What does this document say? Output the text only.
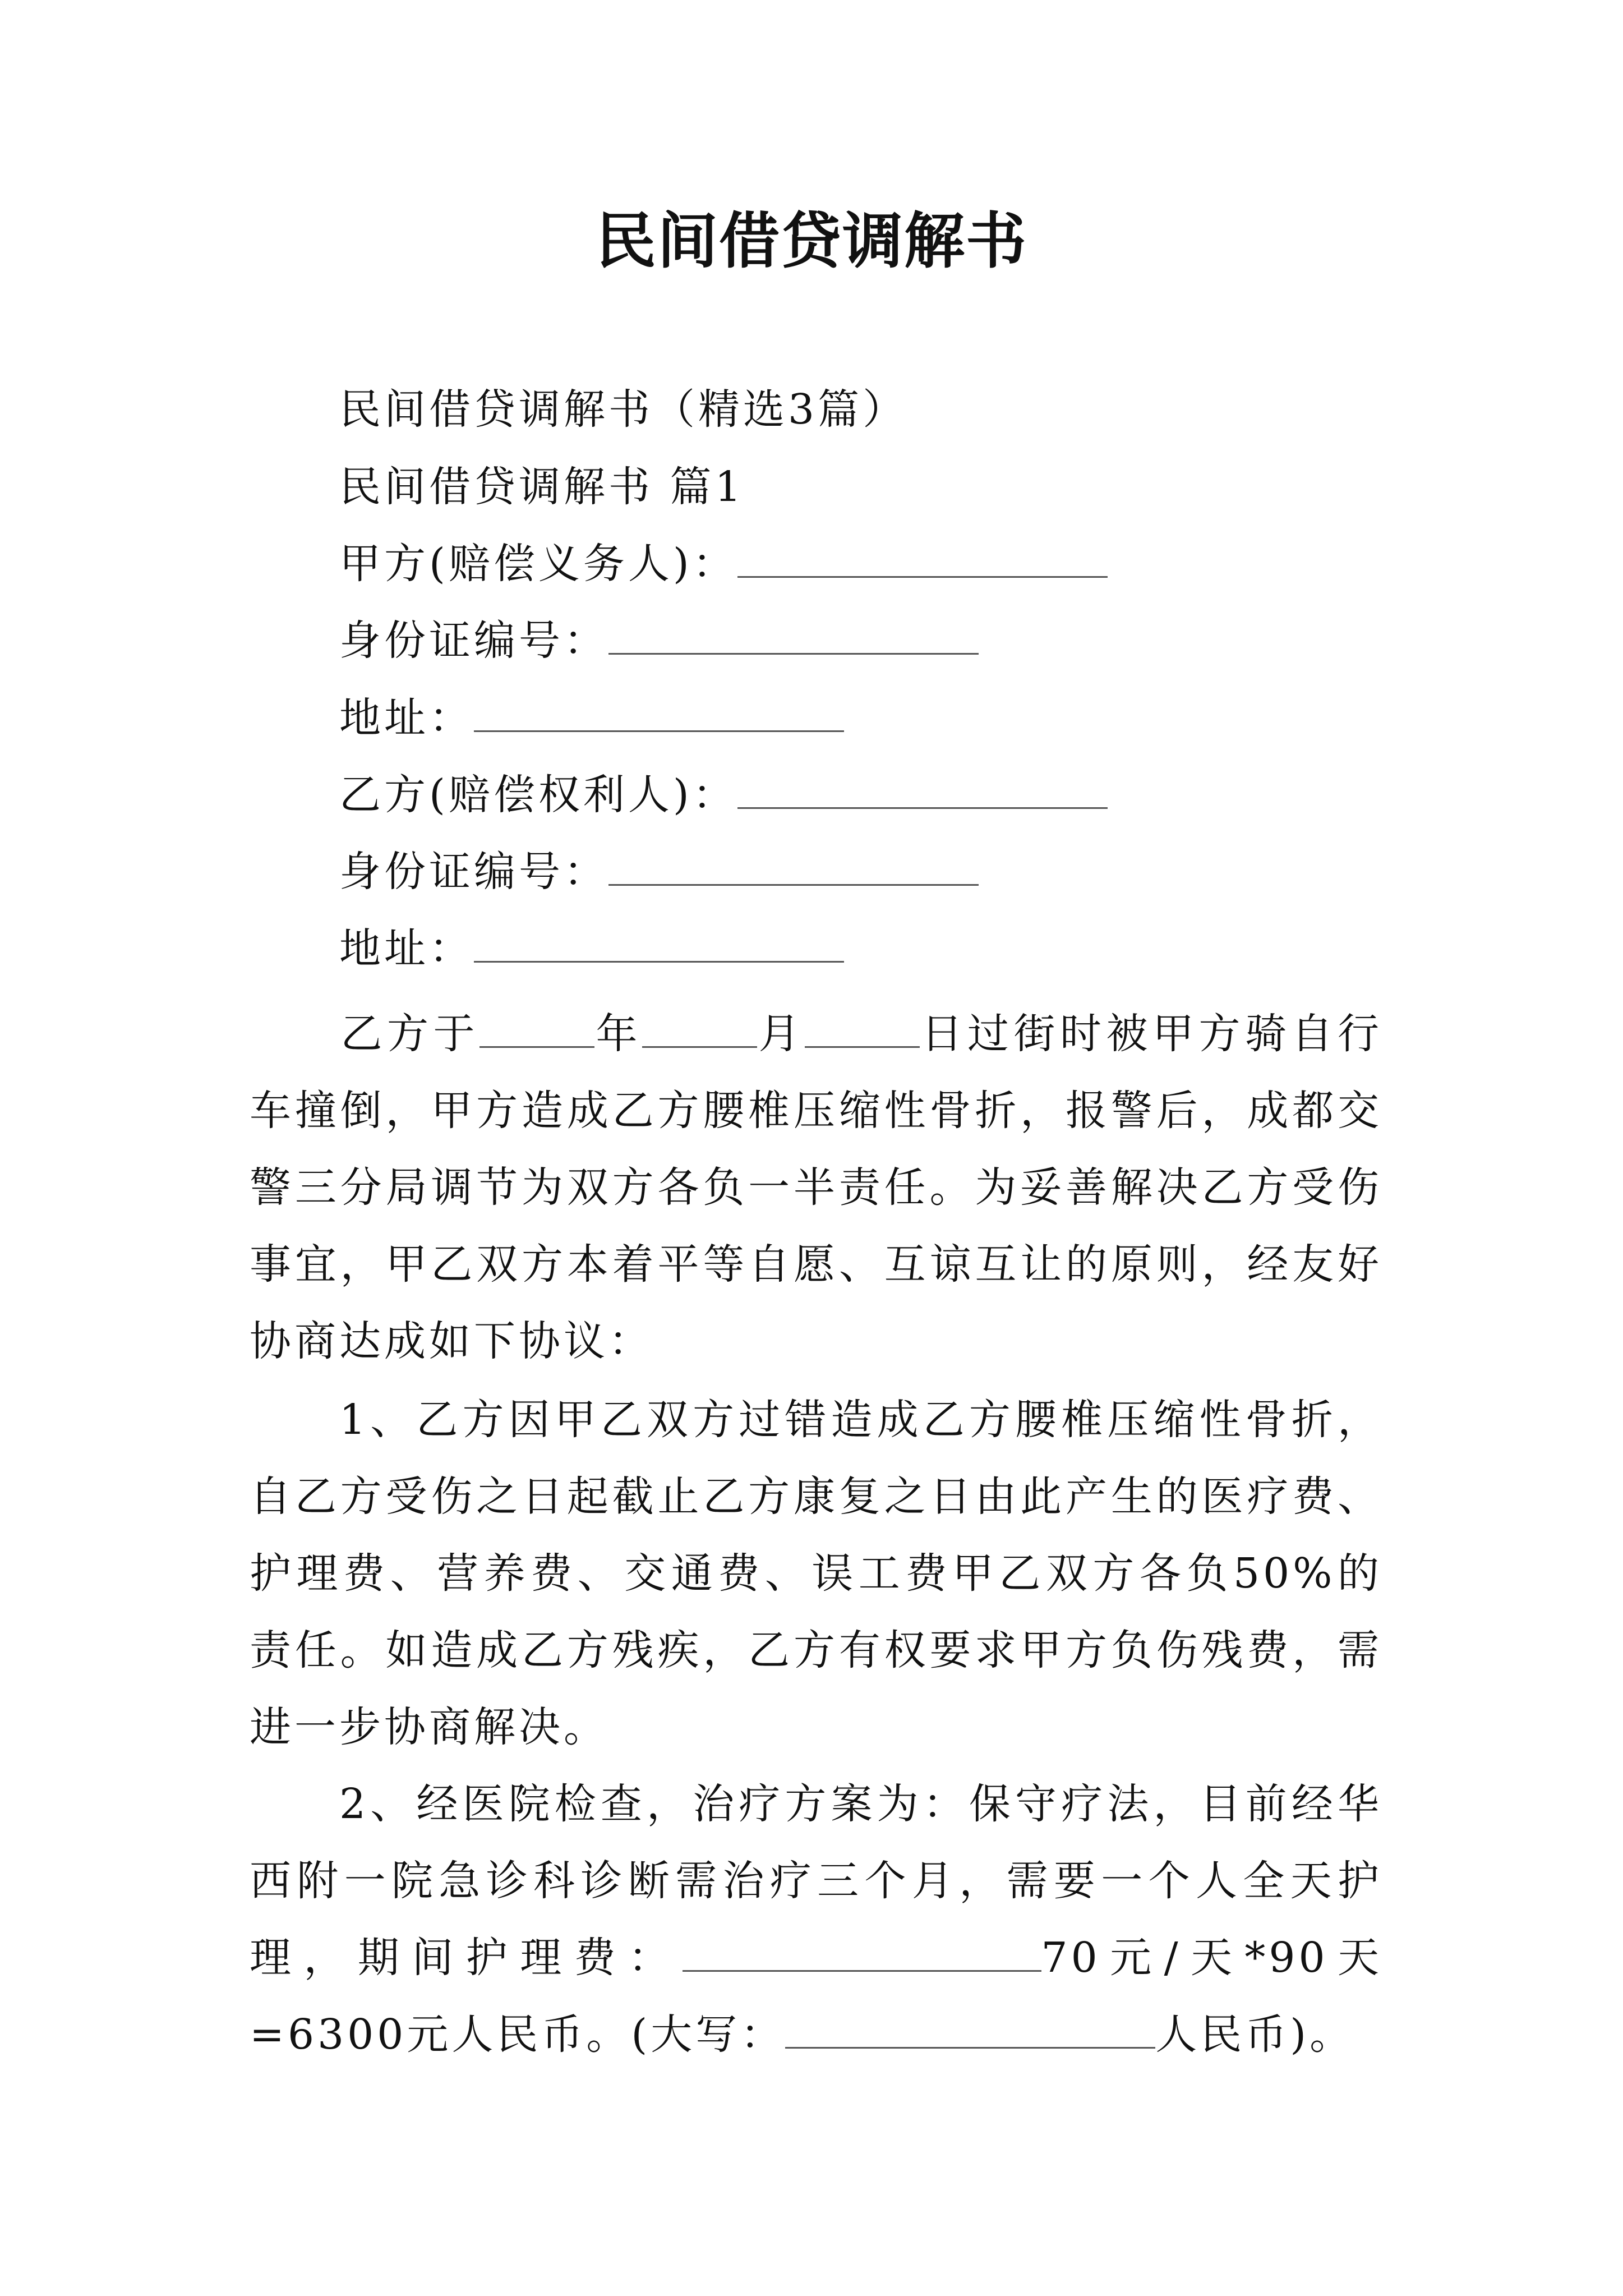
民间借贷调解书
民间借贷调解书（精选3篇）
民间借贷调解书 篇1
甲方(赔偿义务人)：
身份证编号：
地址：
乙方(赔偿权利人)：
身份证编号：
地址：
乙方于	年	月	日过街时被甲方骑自行车撞倒，甲方造成乙方腰椎压缩性骨折，报警后，成都交警三分局调节为双方各负一半责任。为妥善解决乙方受伤事宜，甲乙双方本着平等自愿、互谅互让的原则，经友好协商达成如下协议：
1、乙方因甲乙双方过错造成乙方腰椎压缩性骨折，自乙方受伤之日起截止乙方康复之日由此产生的医疗费、护理费、营养费、交通费、误工费甲乙双方各负50%的责任。如造成乙方残疾，乙方有权要求甲方负伤残费，需进一步协商解决。
2、经医院检查，治疗方案为：保守疗法，目前经华西附一院急诊科诊断需治疗三个月，需要一个人全天护理，期间护理费：	70元/天*90天=6300元人民币。(大写：	人民币)。
